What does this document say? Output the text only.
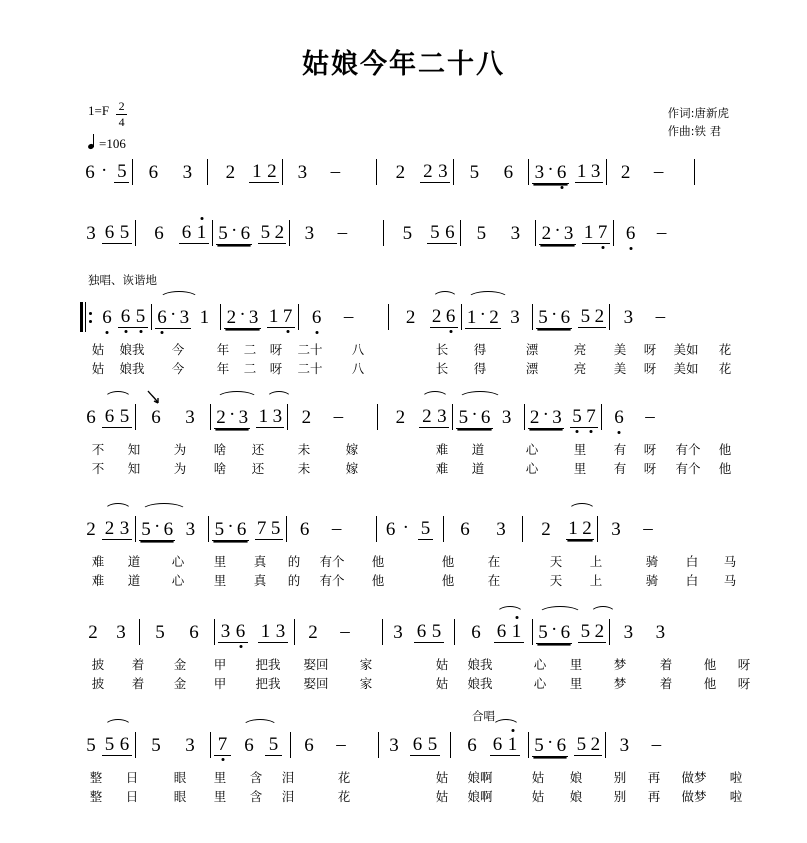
姑娘今年二十八
$1=F \frac{2}{4}$
=106
作词:唐新虎
作曲:铁 君
6 · 5	6	3	2 1 2	3	–	2 2 3	5	6	3 · 6 1 3	2	–
3 6 5	6 6 1 5 · 6 5 2	3	–	5 5 6	5	3	2 · 3 1 7 6	–
独唱、诙谐地
6 6 5 6 · 3 1 2 · 3 1 7	6	–	2 2 6 1 · 2 3 5 · 6 5 2	3	–
姑 娘我 今	年 二 呀 二十 八	长 得	漂	亮 美 呀 美如 花
姑 娘我 今	年 二 呀 二十 八	长 得	漂	亮 美 呀 美如 花
6 6 5	6	3	2 · 3 1 3	2	–	2 2 3 5 · 6 3 2 · 3 5 7 6	–
不 知	为 啥 还	未	嫁	难 道	心	里 有 呀 有个 他
不 知	为 啥 还	未	嫁	难 道	心	里 有 呀 有个 他
2 2 3 5 · 6 3	5 · 6 7 5	6	–	6 · 5	6	3	2 1 2	3	–
难 道	心 里 真 的 有个 他	他	在	天 上	骑 白 马
难 道	心 里 真 的 有个 他	他	在	天 上	骑 白 马
2 3	5	6	3 6 1 3	2	–	3 6 5	6 6 1 5 · 6 5 2	3	3
披 着 金 甲 把我 娶回 家	姑 娘我	心 里	梦	着	他 呀
披 着 金 甲 把我 娶回 家	姑 娘我	心 里	梦	着	他 呀
合唱
5 5 6	5	3	7 6 5	6	–	3 6 5	6 6 1 5 · 6 5 2	3	–
整 日	眼 里 含 泪	花	姑 娘啊	姑 娘	别 再 做梦 啦
整 日	眼 里 含 泪	花	姑 娘啊	姑 娘	别 再 做梦 啦
